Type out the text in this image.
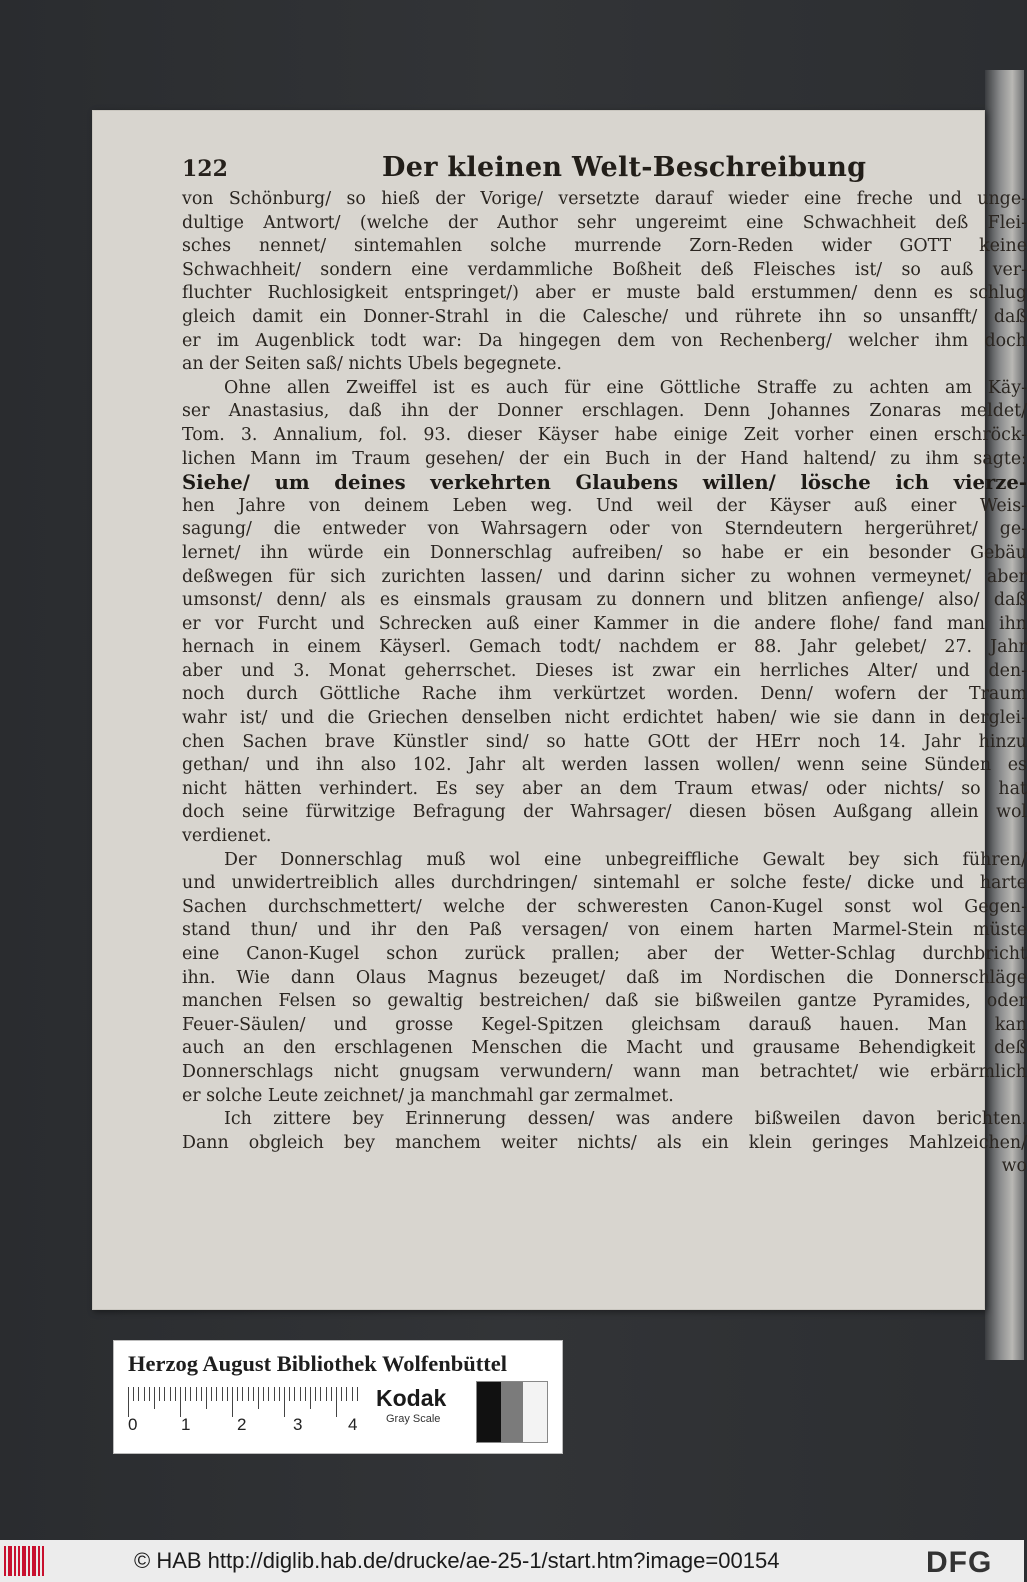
122	Der kleinen Welt-Beschreibung
von Schönburg/ so hieß der Vorige/ versetzte darauf wieder eine freche und unge-
dultige Antwort/ (welche der Author sehr ungereimt eine Schwachheit deß Flei-
sches nennet/ sintemahlen solche murrende Zorn-Reden wider GOTT keine
Schwachheit/ sondern eine verdammliche Boßheit deß Fleisches ist/ so auß ver-
fluchter Ruchlosigkeit entspringet/) aber er muste bald erstummen/ denn es schlug
gleich damit ein Donner-Strahl in die Calesche/ und rührete ihn so unsanfft/ daß
er im Augenblick todt war: Da hingegen dem von Rechenberg/ welcher ihm doch
an der Seiten saß/ nichts Ubels begegnete.
Ohne allen Zweiffel ist es auch für eine Göttliche Straffe zu achten am Käy-
ser Anastasius, daß ihn der Donner erschlagen. Denn Johannes Zonaras meldet/
Tom. 3. Annalium, fol. 93. dieser Käyser habe einige Zeit vorher einen erschröck-
lichen Mann im Traum gesehen/ der ein Buch in der Hand haltend/ zu ihm sagte:
Siehe/ um deines verkehrten Glaubens willen/ lösche ich vierze-
hen Jahre von deinem Leben weg. Und weil der Käyser auß einer Weis-
sagung/ die entweder von Wahrsagern oder von Sterndeutern hergerühret/ ge-
lernet/ ihn würde ein Donnerschlag aufreiben/ so habe er ein besonder Gebäu
deßwegen für sich zurichten lassen/ und darinn sicher zu wohnen vermeynet/ aber
umsonst/ denn/ als es einsmals grausam zu donnern und blitzen anfienge/ also/ daß
er vor Furcht und Schrecken auß einer Kammer in die andere flohe/ fand man ihn
hernach in einem Käyserl. Gemach todt/ nachdem er 88. Jahr gelebet/ 27. Jahr
aber und 3. Monat geherrschet. Dieses ist zwar ein herrliches Alter/ und den-
noch durch Göttliche Rache ihm verkürtzet worden. Denn/ wofern der Traum
wahr ist/ und die Griechen denselben nicht erdichtet haben/ wie sie dann in derglei-
chen Sachen brave Künstler sind/ so hatte GOtt der HErr noch 14. Jahr hinzu
gethan/ und ihn also 102. Jahr alt werden lassen wollen/ wenn seine Sünden es
nicht hätten verhindert. Es sey aber an dem Traum etwas/ oder nichts/ so hat
doch seine fürwitzige Befragung der Wahrsager/ diesen bösen Außgang allein wol
verdienet.
Der Donnerschlag muß wol eine unbegreiffliche Gewalt bey sich führen/
und unwidertreiblich alles durchdringen/ sintemahl er solche feste/ dicke und harte
Sachen durchschmettert/ welche der schweresten Canon-Kugel sonst wol Gegen-
stand thun/ und ihr den Paß versagen/ von einem harten Marmel-Stein müste
eine Canon-Kugel schon zurück prallen; aber der Wetter-Schlag durchbricht
ihn. Wie dann Olaus Magnus bezeuget/ daß im Nordischen die Donnerschläge
manchen Felsen so gewaltig bestreichen/ daß sie bißweilen gantze Pyramides, oder
Feuer-Säulen/ und grosse Kegel-Spitzen gleichsam darauß hauen. Man kan
auch an den erschlagenen Menschen die Macht und grausame Behendigkeit deß
Donnerschlags nicht gnugsam verwundern/ wann man betrachtet/ wie erbärmlich
er solche Leute zeichnet/ ja manchmahl gar zermalmet.
Ich zittere bey Erinnerung dessen/ was andere bißweilen davon berichten.
Dann obgleich bey manchem weiter nichts/ als ein klein geringes Mahlzeichen/
wo
Herzog August Bibliothek Wolfenbüttel
0	1	2	3	4
Kodak
Gray Scale
© HAB http://diglib.hab.de/drucke/ae-25-1/start.htm?image=00154	DFG
